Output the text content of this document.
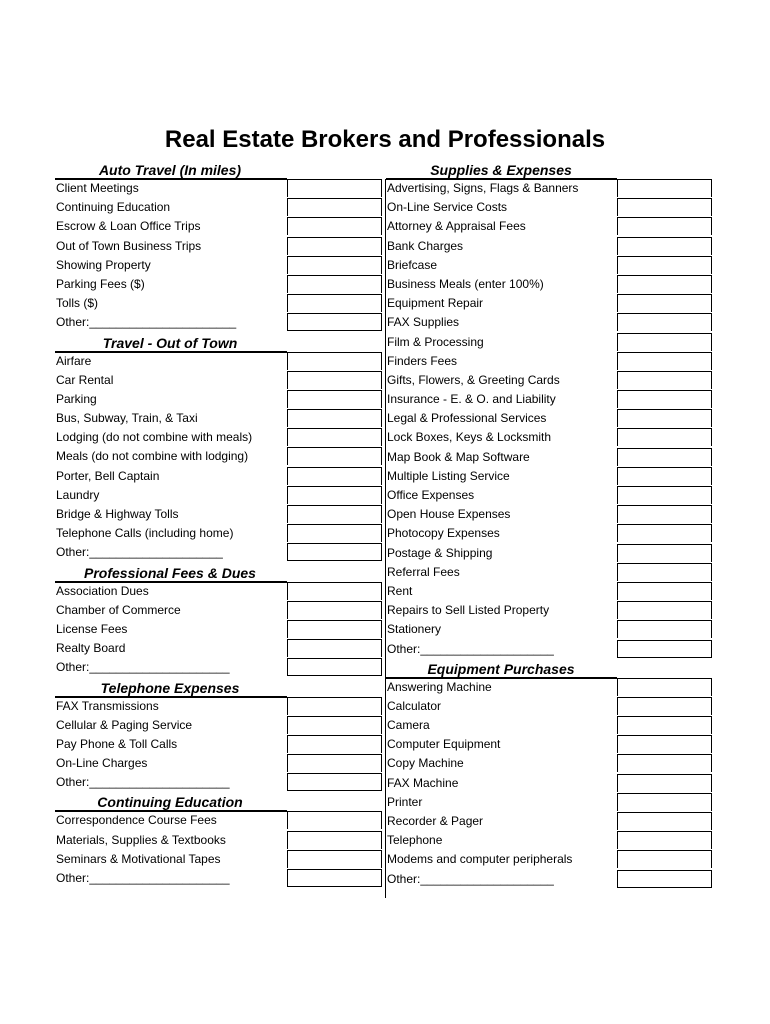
Real Estate Brokers and Professionals
Auto Travel (In miles)
Client Meetings
Continuing Education
Escrow & Loan Office Trips
Out of Town Business Trips
Showing Property
Parking Fees ($)
Tolls ($)
Other:______________________
Travel - Out of Town
Airfare
Car Rental
Parking
Bus, Subway, Train, & Taxi
Lodging (do not combine with meals)
Meals (do not combine with lodging)
Porter, Bell Captain
Laundry
Bridge & Highway Tolls
Telephone Calls (including home)
Other:____________________
Professional Fees & Dues
Association Dues
Chamber of Commerce
License Fees
Realty Board
Other:_____________________
Telephone Expenses
FAX Transmissions
Cellular & Paging Service
Pay Phone & Toll Calls
On-Line Charges
Other:_____________________
Continuing Education
Correspondence Course Fees
Materials, Supplies & Textbooks
Seminars & Motivational Tapes
Other:_____________________
Supplies & Expenses
Advertising, Signs, Flags & Banners
On-Line Service Costs
Attorney & Appraisal Fees
Bank Charges
Briefcase
Business Meals (enter 100%)
Equipment Repair
FAX Supplies
Film & Processing
Finders Fees
Gifts, Flowers, & Greeting Cards
Insurance - E. & O. and Liability
Legal & Professional Services
Lock Boxes, Keys & Locksmith
Map Book & Map Software
Multiple Listing Service
Office Expenses
Open House Expenses
Photocopy Expenses
Postage & Shipping
Referral Fees
Rent
Repairs to Sell Listed Property
Stationery
Other:____________________
Equipment Purchases
Answering Machine
Calculator
Camera
Computer Equipment
Copy Machine
FAX Machine
Printer
Recorder & Pager
Telephone
Modems and computer peripherals
Other:____________________
